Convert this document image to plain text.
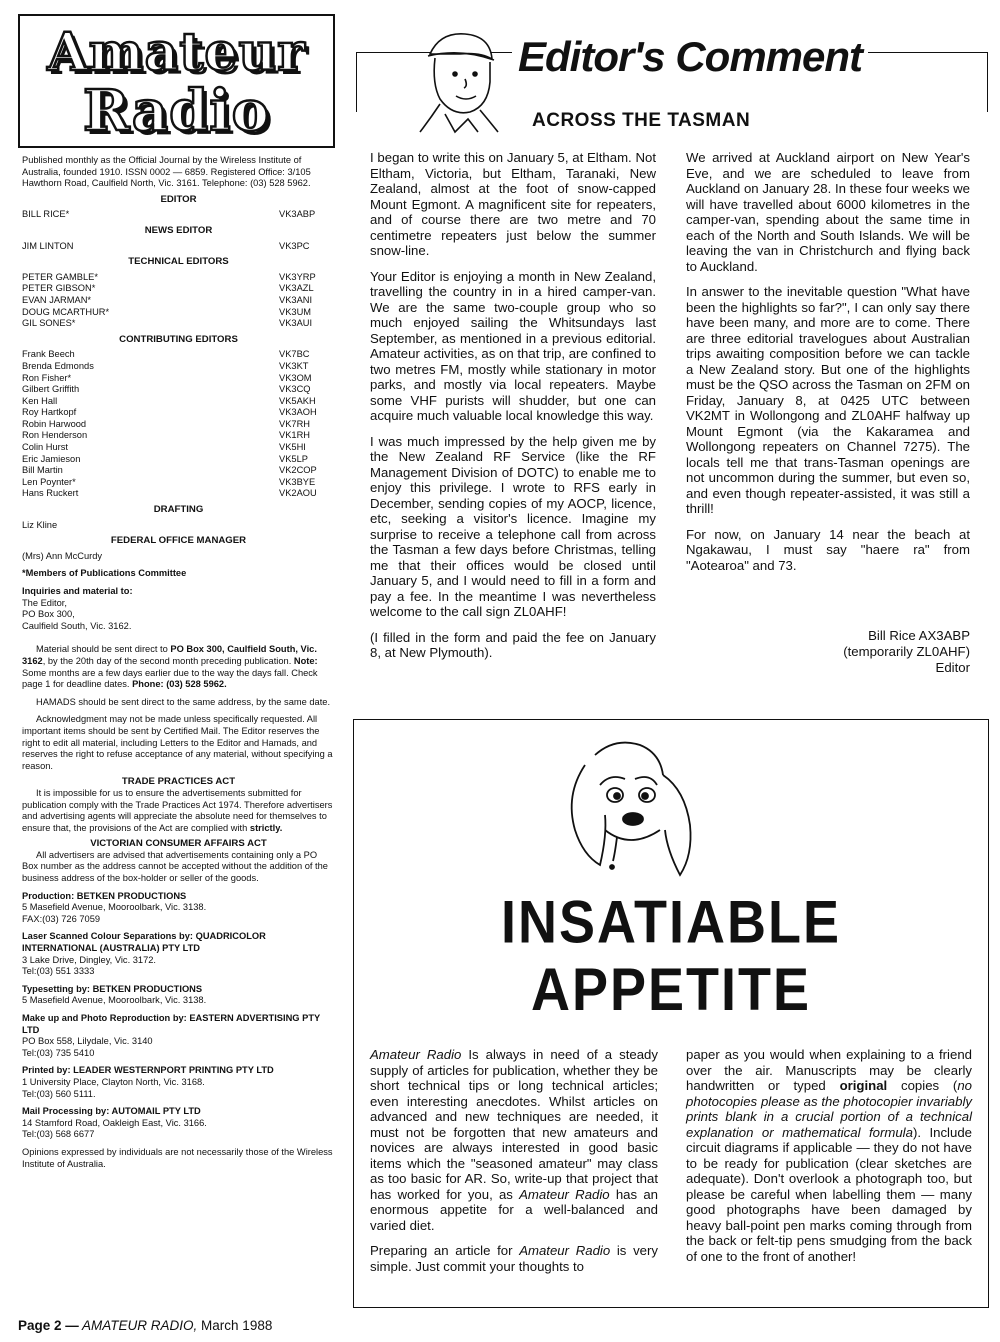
Amateur
Radio
Published monthly as the Official Journal by the Wireless Institute of Australia, founded 1910. ISSN 0002 — 6859. Registered Office: 3/105 Hawthorn Road, Caulfield North, Vic. 3161. Telephone: (03) 528 5962.
EDITOR
BILL RICE*	VK3ABP
NEWS EDITOR
JIM LINTON	VK3PC
TECHNICAL EDITORS
PETER GAMBLE*	VK3YRP
PETER GIBSON*	VK3AZL
EVAN JARMAN*	VK3ANI
DOUG MCARTHUR*	VK3UM
GIL SONES*	VK3AUI
CONTRIBUTING EDITORS
Frank Beech	VK7BC
Brenda Edmonds	VK3KT
Ron Fisher*	VK3OM
Gilbert Griffith	VK3CQ
Ken Hall	VK5AKH
Roy Hartkopf	VK3AOH
Robin Harwood	VK7RH
Ron Henderson	VK1RH
Colin Hurst	VK5HI
Eric Jamieson	VK5LP
Bill Martin	VK2COP
Len Poynter*	VK3BYE
Hans Ruckert	VK2AOU
DRAFTING
Liz Kline
FEDERAL OFFICE MANAGER
(Mrs) Ann McCurdy
*Members of Publications Committee
Inquiries and material to:
The Editor,
PO Box 300,
Caulfield South, Vic. 3162.
Material should be sent direct to PO Box 300, Caulfield South, Vic. 3162, by the 20th day of the second month preceding publication. Note: Some months are a few days earlier due to the way the days fall. Check page 1 for deadline dates. Phone: (03) 528 5962.
HAMADS should be sent direct to the same address, by the same date.
Acknowledgment may not be made unless specifically requested. All important items should be sent by Certified Mail. The Editor reserves the right to edit all material, including Letters to the Editor and Hamads, and reserves the right to refuse acceptance of any material, without specifying a reason.
TRADE PRACTICES ACT
It is impossible for us to ensure the advertisements submitted for publication comply with the Trade Practices Act 1974. Therefore advertisers and advertising agents will appreciate the absolute need for themselves to ensure that, the provisions of the Act are complied with strictly.
VICTORIAN CONSUMER AFFAIRS ACT
All advertisers are advised that advertisements containing only a PO Box number as the address cannot be accepted without the addition of the business address of the box-holder or seller of the goods.
Production: BETKEN PRODUCTIONS
5 Masefield Avenue, Mooroolbark, Vic. 3138.
FAX:(03) 726 7059
Laser Scanned Colour Separations by: QUADRICOLOR INTERNATIONAL (AUSTRALIA) PTY LTD
3 Lake Drive, Dingley, Vic. 3172.
Tel:(03) 551 3333
Typesetting by: BETKEN PRODUCTIONS
5 Masefield Avenue, Mooroolbark, Vic. 3138.
Make up and Photo Reproduction by: EASTERN ADVERTISING PTY LTD
PO Box 558, Lilydale, Vic. 3140
Tel:(03) 735 5410
Printed by: LEADER WESTERNPORT PRINTING PTY LTD
1 University Place, Clayton North, Vic. 3168.
Tel:(03) 560 5111.
Mail Processing by: AUTOMAIL PTY LTD
14 Stamford Road, Oakleigh East, Vic. 3166.
Tel:(03) 568 6677
Opinions expressed by individuals are not necessarily those of the Wireless Institute of Australia.
Editor's Comment
ACROSS THE TASMAN

I began to write this on January 5, at Eltham. Not Eltham, Victoria, but Eltham, Taranaki, New Zealand, almost at the foot of snow-capped Mount Egmont. A magnificent site for repeaters, and of course there are two metre and 70 centimetre repeaters just below the summer snow-line.

Your Editor is enjoying a month in New Zealand, travelling the country in in a hired camper-van. We are the same two-couple group who so much enjoyed sailing the Whitsundays last September, as mentioned in a previous editorial. Amateur activities, as on that trip, are confined to two metres FM, mostly while stationary in motor parks, and mostly via local repeaters. Maybe some VHF purists will shudder, but one can acquire much valuable local knowledge this way.

I was much impressed by the help given me by the New Zealand RF Service (like the RF Management Division of DOTC) to enable me to enjoy this privilege. I wrote to RFS early in December, sending copies of my AOCP, licence, etc, seeking a visitor's licence. Imagine my surprise to receive a telephone call from across the Tasman a few days before Christmas, telling me that their offices would be closed until January 5, and I would need to fill in a form and pay a fee. In the meantime I was nevertheless welcome to the call sign ZL0AHF!

(I filled in the form and paid the fee on January 8, at New Plymouth).

We arrived at Auckland airport on New Year's Eve, and we are scheduled to leave from Auckland on January 28. In these four weeks we will have travelled about 6000 kilometres in the camper-van, spending about the same time in each of the North and South Islands. We will be leaving the van in Christchurch and flying back to Auckland.

In answer to the inevitable question "What have been the highlights so far?", I can only say there have been many, and more are to come. There are three editorial travelogues about Australian trips awaiting composition before we can tackle a New Zealand story. But one of the highlights must be the QSO across the Tasman on 2FM on Friday, January 8, at 0425 UTC between VK2MT in Wollongong and ZL0AHF halfway up Mount Egmont (via the Kakaramea and Wollongong repeaters on Channel 7275). The locals tell me that trans-Tasman openings are not uncommon during the summer, but even so, and even though repeater-assisted, it was still a thrill!

For now, on January 14 near the beach at Ngakawau, I must say "haere ra" from "Aotearoa" and 73.

Bill Rice AX3ABP
(temporarily ZL0AHF)
Editor
INSATIABLE
APPETITE

Amateur Radio Is always in need of a steady supply of articles for publication, whether they be short technical tips or long technical articles; even interesting anecdotes. Whilst articles on advanced and new techniques are needed, it must not be forgotten that new amateurs and novices are always interested in good basic items which the "seasoned amateur" may class as too basic for AR. So, write-up that project that has worked for you, as Amateur Radio has an enormous appetite for a well-balanced and varied diet.

Preparing an article for Amateur Radio is very simple. Just commit your thoughts to

paper as you would when explaining to a friend over the air. Manuscripts may be clearly handwritten or typed original copies (no photocopies please as the photocopier invariably prints blank in a crucial portion of a technical explanation or mathematical formula). Include circuit diagrams if applicable — they do not have to be ready for publication (clear sketches are adequate). Don't overlook a photograph too, but please be careful when labelling them — many good photographs have been damaged by heavy ball-point pen marks coming through from the back or felt-tip pens smudging from the back of one to the front of another!

Page 2 — AMATEUR RADIO, March 1988
